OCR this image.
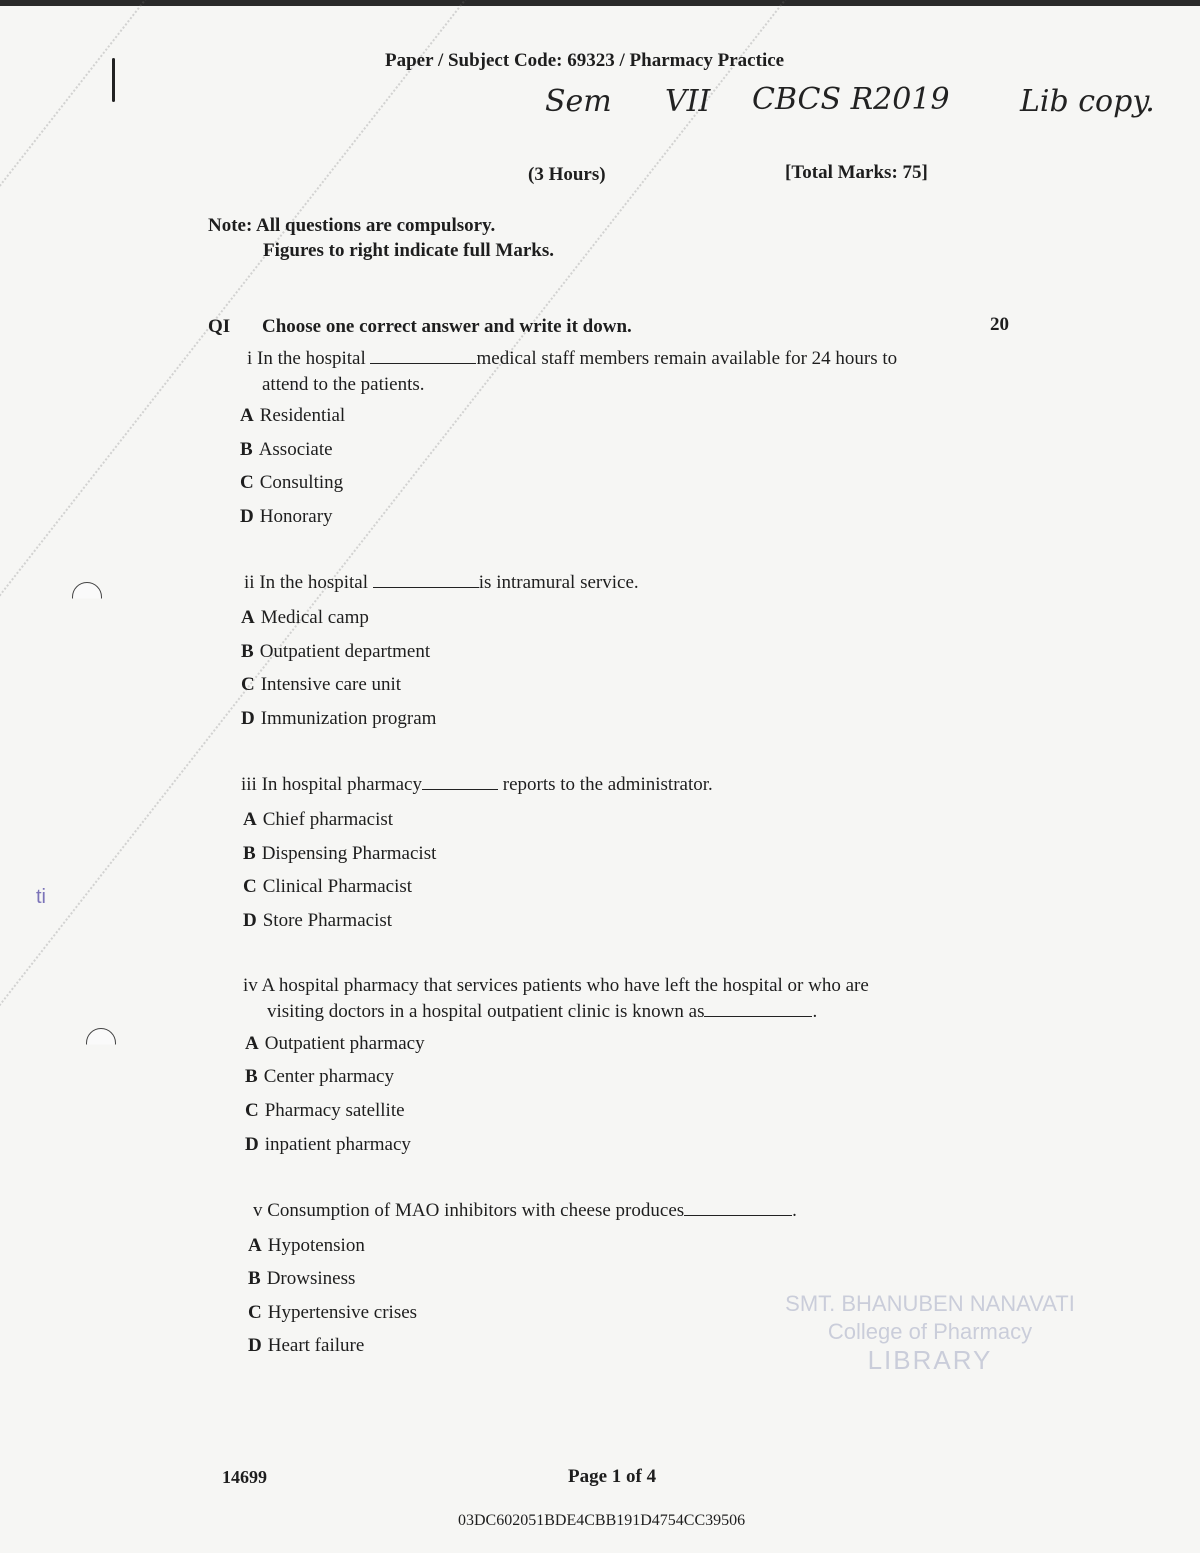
Paper / Subject Code: 69323 / Pharmacy Practice
Sem VII CBCS R2019 Lib copy.
(3 Hours)	[Total Marks: 75]
Note: All questions are compulsory.
Figures to right indicate full Marks.
QI Choose one correct answer and write it down.	20
i In the hospital	medical staff members remain available for 24 hours to
attend to the patients.
A Residential
B Associate
C Consulting
D Honorary
ii In the hospital	is intramural service.
A Medical camp
B Outpatient department
C Intensive care unit
D Immunization program
iii In hospital pharmacy	reports to the administrator.
A Chief pharmacist
B Dispensing Pharmacist
C Clinical Pharmacist
D Store Pharmacist
iv A hospital pharmacy that services patients who have left the hospital or who are
visiting doctors in a hospital outpatient clinic is known as	.
A Outpatient pharmacy
B Center pharmacy
C Pharmacy satellite
D inpatient pharmacy
v Consumption of MAO inhibitors with cheese produces	.
A Hypotension
B Drowsiness
C Hypertensive crises
D Heart failure
SMT. BHANUBEN NANAVATI
College of Pharmacy
LIBRARY
ti
14699	Page 1 of 4
03DC602051BDE4CBB191D4754CC39506
